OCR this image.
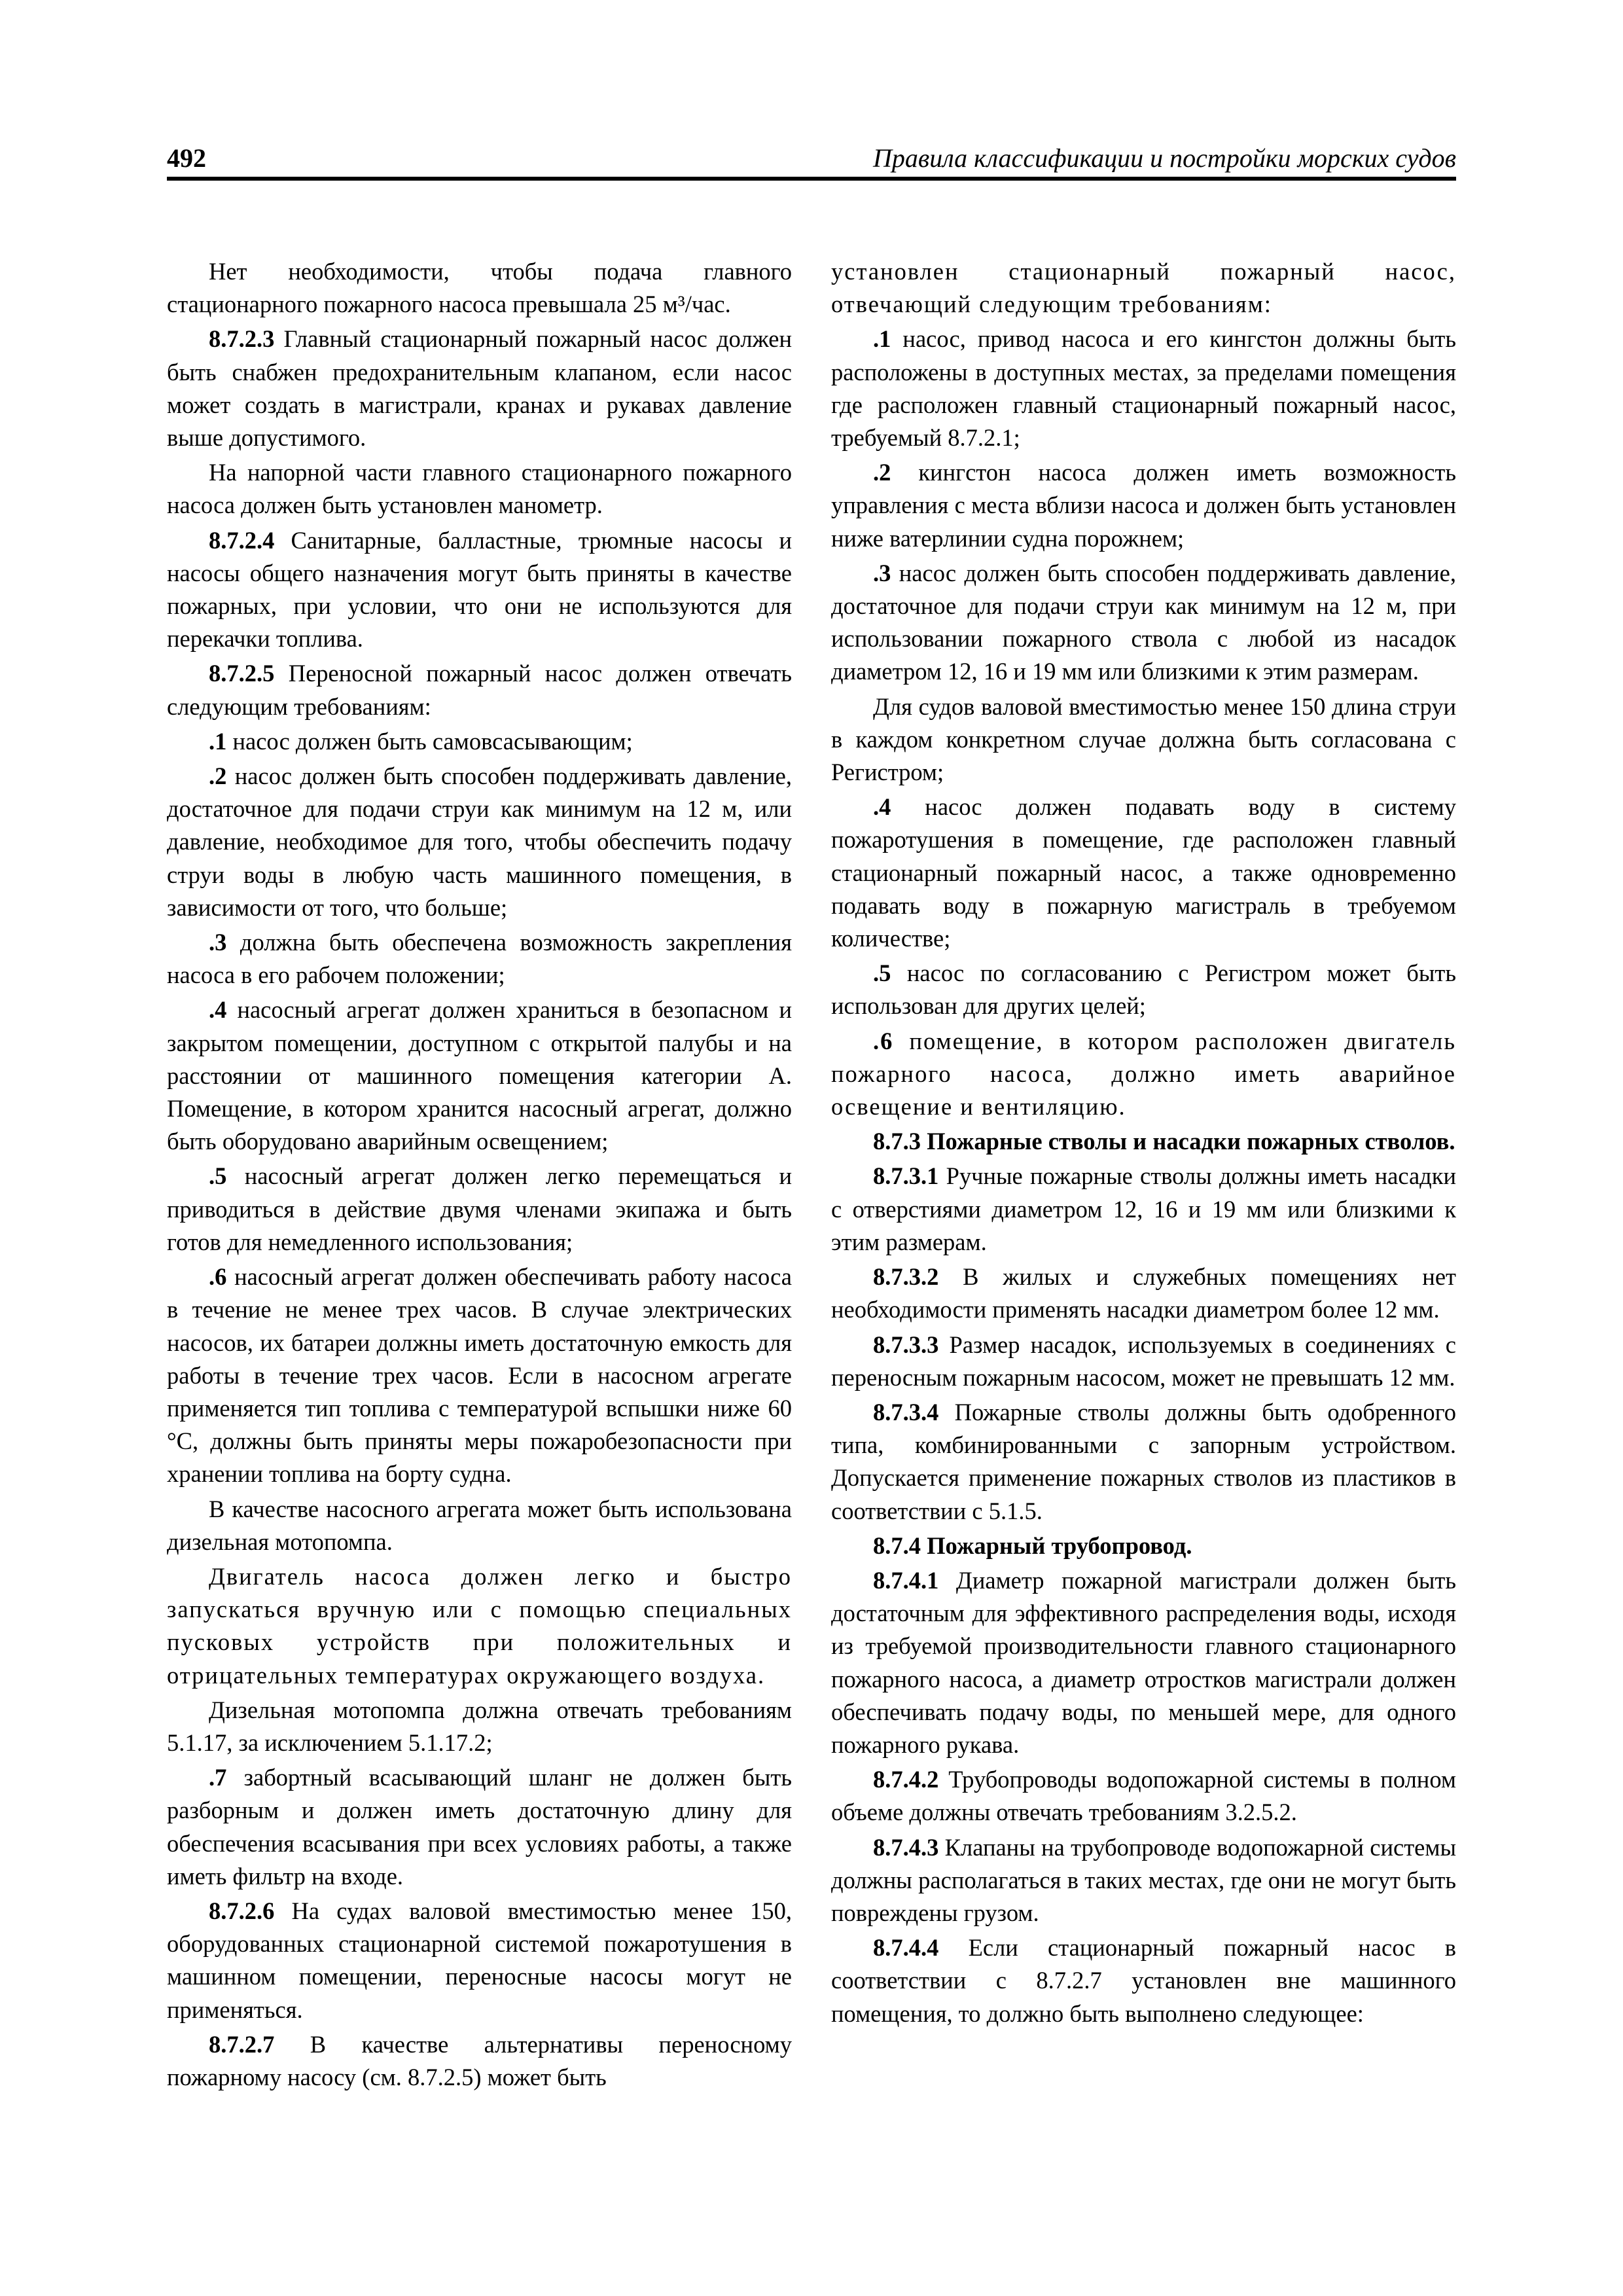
492	Правила классификации и постройки морских судов

Нет необходимости, чтобы подача главного стационарного пожарного насоса превышала 25 м³/час.

8.7.2.3 Главный стационарный пожарный насос должен быть снабжен предохранительным клапаном, если насос может создать в магистрали, кранах и рукавах давление выше допустимого.

На напорной части главного стационарного пожарного насоса должен быть установлен манометр.

8.7.2.4 Санитарные, балластные, трюмные насосы и насосы общего назначения могут быть приняты в качестве пожарных, при условии, что они не используются для перекачки топлива.

8.7.2.5 Переносной пожарный насос должен отвечать следующим требованиям:

.1 насос должен быть самовсасывающим;

.2 насос должен быть способен поддерживать давление, достаточное для подачи струи как минимум на 12 м, или давление, необходимое для того, чтобы обеспечить подачу струи воды в любую часть машинного помещения, в зависимости от того, что больше;

.3 должна быть обеспечена возможность закрепления насоса в его рабочем положении;

.4 насосный агрегат должен храниться в безопасном и закрытом помещении, доступном с открытой палубы и на расстоянии от машинного помещения категории А. Помещение, в котором хранится насосный агрегат, должно быть оборудовано аварийным освещением;

.5 насосный агрегат должен легко перемещаться и приводиться в действие двумя членами экипажа и быть готов для немедленного использования;

.6 насосный агрегат должен обеспечивать работу насоса в течение не менее трех часов. В случае электрических насосов, их батареи должны иметь достаточную емкость для работы в течение трех часов. Если в насосном агрегате применяется тип топлива с температурой вспышки ниже 60 °С, должны быть приняты меры пожаробезопасности при хранении топлива на борту судна.

В качестве насосного агрегата может быть использована дизельная мотопомпа.

Двигатель насоса должен легко и быстро запускаться вручную или с помощью специальных пусковых устройств при положительных и отрицательных температурах окружающего воздуха.

Дизельная мотопомпа должна отвечать требованиям 5.1.17, за исключением 5.1.17.2;

.7 забортный всасывающий шланг не должен быть разборным и должен иметь достаточную длину для обеспечения всасывания при всех условиях работы, а также иметь фильтр на входе.

8.7.2.6 На судах валовой вместимостью менее 150, оборудованных стационарной системой пожаротушения в машинном помещении, переносные насосы могут не применяться.

8.7.2.7 В качестве альтернативы переносному пожарному насосу (см. 8.7.2.5) может быть

установлен стационарный пожарный насос, отвечающий следующим требованиям:

.1 насос, привод насоса и его кингстон должны быть расположены в доступных местах, за пределами помещения где расположен главный стационарный пожарный насос, требуемый 8.7.2.1;

.2 кингстон насоса должен иметь возможность управления с места вблизи насоса и должен быть установлен ниже ватерлинии судна порожнем;

.3 насос должен быть способен поддерживать давление, достаточное для подачи струи как минимум на 12 м, при использовании пожарного ствола с любой из насадок диаметром 12, 16 и 19 мм или близкими к этим размерам.

Для судов валовой вместимостью менее 150 длина струи в каждом конкретном случае должна быть согласована с Регистром;

.4 насос должен подавать воду в систему пожаротушения в помещение, где расположен главный стационарный пожарный насос, а также одновременно подавать воду в пожарную магистраль в требуемом количестве;

.5 насос по согласованию с Регистром может быть использован для других целей;

.6 помещение, в котором расположен двигатель пожарного насоса, должно иметь аварийное освещение и вентиляцию.

8.7.3 Пожарные стволы и насадки пожарных стволов.

8.7.3.1 Ручные пожарные стволы должны иметь насадки с отверстиями диаметром 12, 16 и 19 мм или близкими к этим размерам.

8.7.3.2 В жилых и служебных помещениях нет необходимости применять насадки диаметром более 12 мм.

8.7.3.3 Размер насадок, используемых в соединениях с переносным пожарным насосом, может не превышать 12 мм.

8.7.3.4 Пожарные стволы должны быть одобренного типа, комбинированными с запорным устройством. Допускается применение пожарных стволов из пластиков в соответствии с 5.1.5.

8.7.4 Пожарный трубопровод.

8.7.4.1 Диаметр пожарной магистрали должен быть достаточным для эффективного распределения воды, исходя из требуемой производительности главного стационарного пожарного насоса, а диаметр отростков магистрали должен обеспечивать подачу воды, по меньшей мере, для одного пожарного рукава.

8.7.4.2 Трубопроводы водопожарной системы в полном объеме должны отвечать требованиям 3.2.5.2.

8.7.4.3 Клапаны на трубопроводе водопожарной системы должны располагаться в таких местах, где они не могут быть повреждены грузом.

8.7.4.4 Если стационарный пожарный насос в соответствии с 8.7.2.7 установлен вне машинного помещения, то должно быть выполнено следующее:
